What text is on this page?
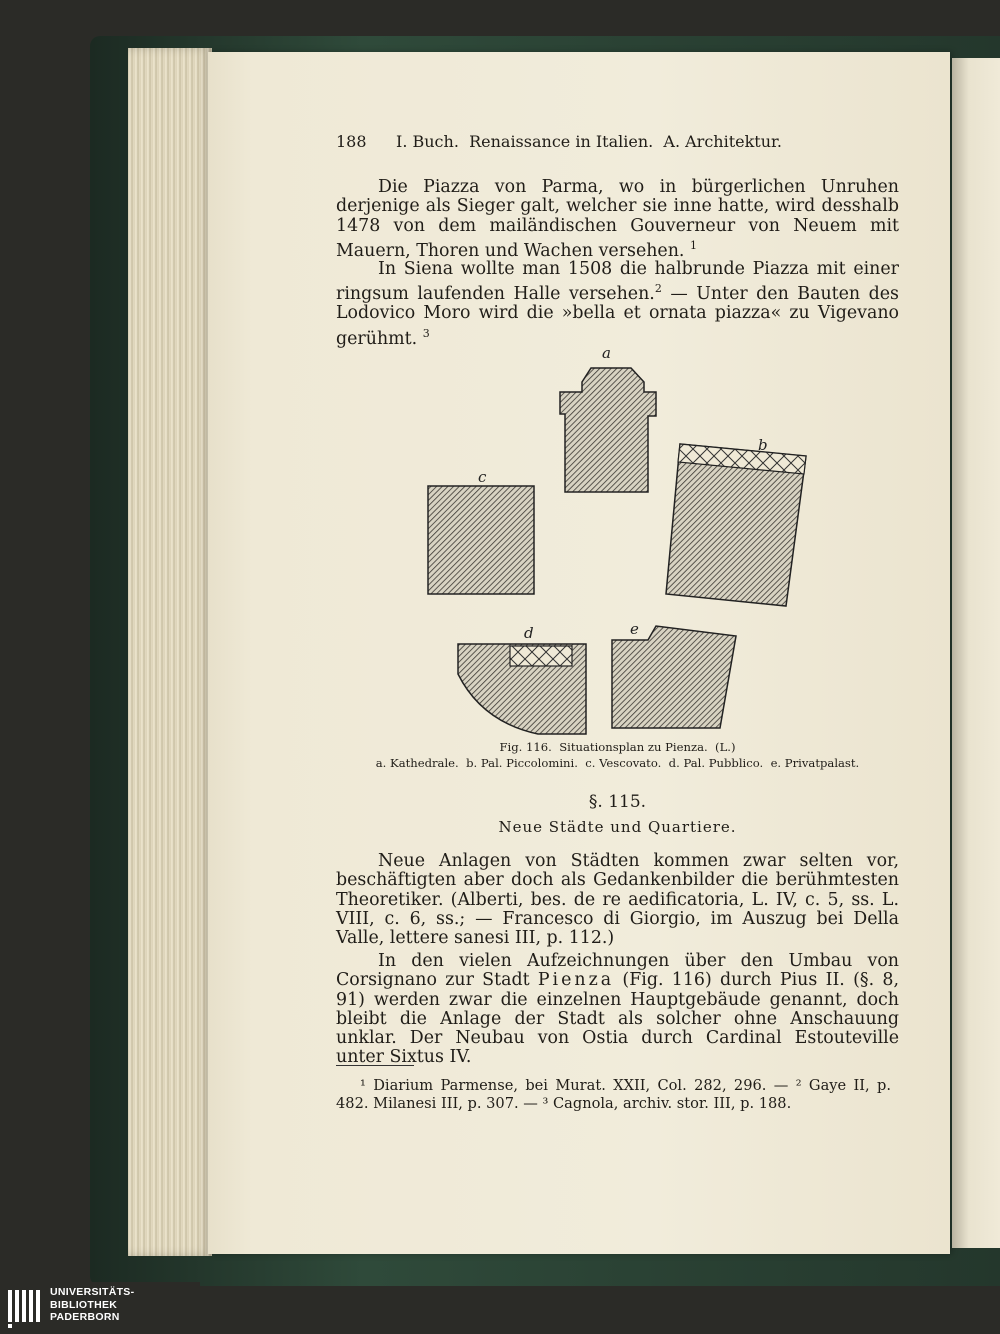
188 I. Buch.  Renaissance in Italien.  A. Architektur.

Die Piazza von Parma, wo in bürgerlichen Unruhen derjenige als Sieger galt, welcher sie inne hatte, wird desshalb 1478 von dem mailändischen Gouverneur von Neuem mit Mauern, Thoren und Wachen versehen. $^1$

In Siena wollte man 1508 die halbrunde Piazza mit einer ringsum laufenden Halle versehen.$^2$ — Unter den Bauten des Lodovico Moro wird die »bella et ornata piazza« zu Vigevano gerühmt. $^3$

a
b
c
d	e
Fig. 116.  Situationsplan zu Pienza.  (L.)
a. Kathedrale.  b. Pal. Piccolomini.  c. Vescovato.  d. Pal. Pubblico.  e. Privatpalast.
§. 115.
Neue Städte und Quartiere.

Neue Anlagen von Städten kommen zwar selten vor, beschäftigten aber doch als Gedankenbilder die berühmtesten Theoretiker. (Alberti, bes. de re aedificatoria, L. IV, c. 5, ss. L. VIII, c. 6, ss.; — Francesco di Giorgio, im Auszug bei Della Valle, lettere sanesi III, p. 112.)

In den vielen Aufzeichnungen über den Umbau von Corsignano zur Stadt Pienza (Fig. 116) durch Pius II. (§. 8, 91) werden zwar die einzelnen Hauptgebäude genannt, doch bleibt die Anlage der Stadt als solcher ohne Anschauung unklar. Der Neubau von Ostia durch Cardinal Estouteville unter Sixtus IV.

¹ Diarium Parmense, bei Murat. XXII, Col. 282, 296. — ² Gaye II, p. 482. Milanesi III, p. 307. — ³ Cagnola, archiv. stor. III, p. 188.

UNIVERSITÄTS-
BIBLIOTHEK
PADERBORN
